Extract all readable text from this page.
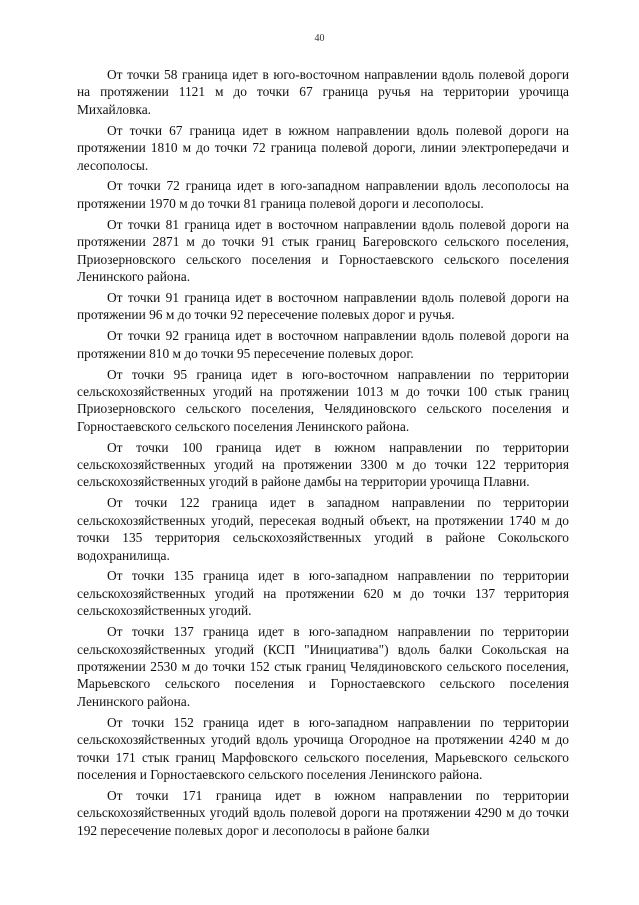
40

От точки 58 граница идет в юго-восточном направлении вдоль полевой дороги на протяжении 1121 м до точки 67 граница ручья на территории урочища Михайловка.

От точки 67 граница идет в южном направлении вдоль полевой дороги на протяжении 1810 м до точки 72 граница полевой дороги, линии электропередачи и лесополосы.

От точки 72 граница идет в юго-западном направлении вдоль лесополосы на протяжении 1970 м до точки 81 граница полевой дороги и лесополосы.

От точки 81 граница идет в восточном направлении вдоль полевой дороги на протяжении 2871 м до точки 91 стык границ Багеровского сельского поселения, Приозерновского сельского поселения и Горностаевского сельского поселения Ленинского района.

От точки 91 граница идет в восточном направлении вдоль полевой дороги на протяжении 96 м до точки 92 пересечение полевых дорог и ручья.

От точки 92 граница идет в восточном направлении вдоль полевой дороги на протяжении 810 м до точки 95 пересечение полевых дорог.

От точки 95 граница идет в юго-восточном направлении по территории сельскохозяйственных угодий на протяжении 1013 м до точки 100 стык границ Приозерновского сельского поселения, Челядиновского сельского поселения и Горностаевского сельского поселения Ленинского района.

От точки 100 граница идет в южном направлении по территории сельскохозяйственных угодий на протяжении 3300 м до точки 122 территория сельскохозяйственных угодий в районе дамбы на территории урочища Плавни.

От точки 122 граница идет в западном направлении по территории сельскохозяйственных угодий, пересекая водный объект, на протяжении 1740 м до точки 135 территория сельскохозяйственных угодий в районе Сокольского водохранилища.

От точки 135 граница идет в юго-западном направлении по территории сельскохозяйственных угодий на протяжении 620 м до точки 137 территория сельскохозяйственных угодий.

От точки 137 граница идет в юго-западном направлении по территории сельскохозяйственных угодий (КСП "Инициатива") вдоль балки Сокольская на протяжении 2530 м до точки 152 стык границ Челядиновского сельского поселения, Марьевского сельского поселения и Горностаевского сельского поселения Ленинского района.

От точки 152 граница идет в юго-западном направлении по территории сельскохозяйственных угодий вдоль урочища Огородное на протяжении 4240 м до точки 171 стык границ Марфовского сельского поселения, Марьевского сельского поселения и Горностаевского сельского поселения Ленинского района.

От точки 171 граница идет в южном направлении по территории сельскохозяйственных угодий вдоль полевой дороги на протяжении 4290 м до точки 192 пересечение полевых дорог и лесополосы в районе балки
